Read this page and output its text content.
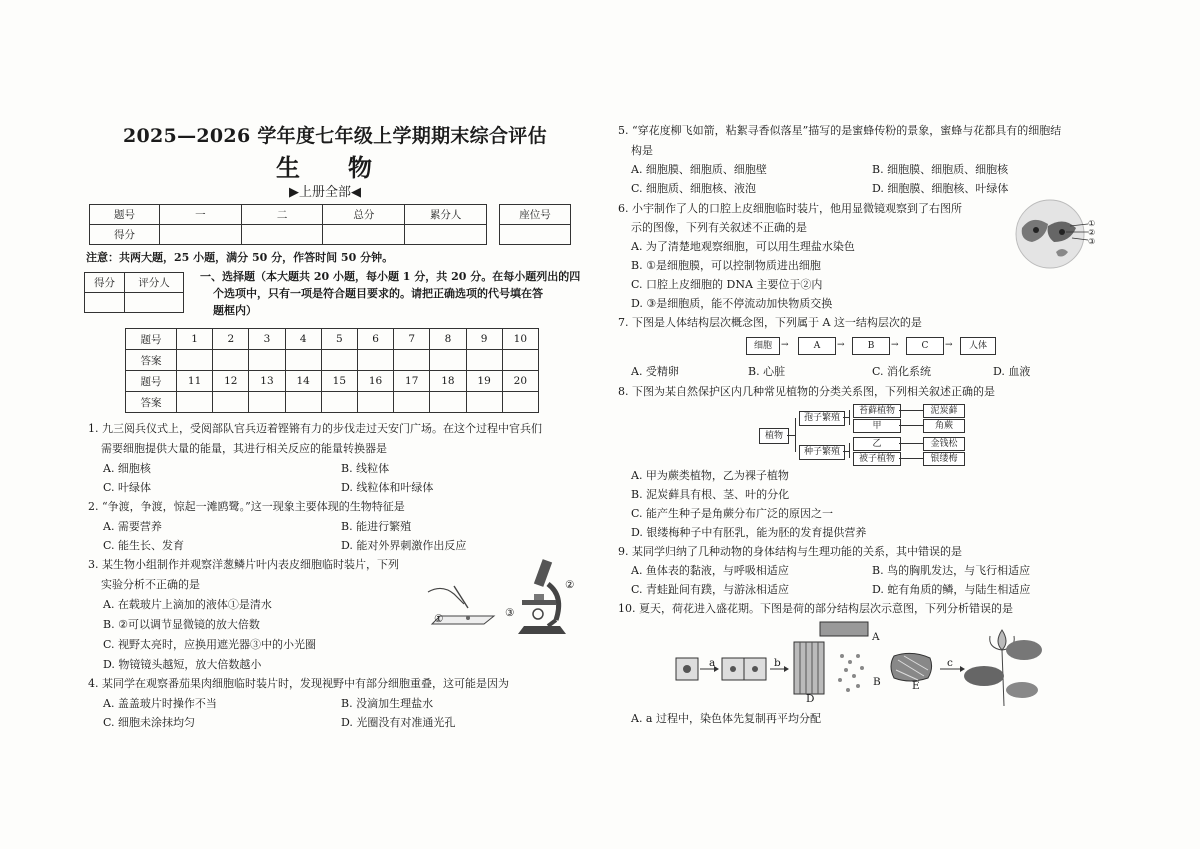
2025—2026 学年度七年级上学期期末综合评估
生　　物
▶上册全部◀
题号	一	二	总分	累分人
得分				
座位号

注意：共两大题，25 小题，满分 50 分，作答时间 50 分钟。
得分	评分人
		一、选择题（本大题共 20 小题，每小题 1 分，共 20 分。在每小题列出的四
个选项中，只有一项是符合题目要求的。请把正确选项的代号填在答
题框内）
题号	1	2	3	4	5	6	7	8	9	10
答案										
题号	11	12	13	14	15	16	17	18	19	20
答案										
1. 九三阅兵仪式上，受阅部队官兵迈着铿锵有力的步伐走过天安门广场。在这个过程中官兵们
需要细胞提供大量的能量，其进行相关反应的能量转换器是
A. 细胞核	B. 线粒体
C. 叶绿体	D. 线粒体和叶绿体
2. “争渡，争渡，惊起一滩鸥鹭。”这一现象主要体现的生物特征是
A. 需要营养	B. 能进行繁殖
C. 能生长、发育	D. 能对外界刺激作出反应
3. 某生物小组制作并观察洋葱鳞片叶内表皮细胞临时装片，下列
实验分析不正确的是
A. 在载玻片上滴加的液体①是清水
B. ②可以调节显微镜的放大倍数
C. 视野太亮时，应换用遮光器③中的小光圈
D. 物镜镜头越短，放大倍数越小
①
②
③
4. 某同学在观察番茄果肉细胞临时装片时，发现视野中有部分细胞重叠，这可能是因为
A. 盖盖玻片时操作不当	B. 没滴加生理盐水
C. 细胞未涂抹均匀	D. 光圈没有对准通光孔
5. “穿花度柳飞如箭，粘絮寻香似落星”描写的是蜜蜂传粉的景象，蜜蜂与花都具有的细胞结
构是
A. 细胞膜、细胞质、细胞壁	B. 细胞膜、细胞质、细胞核
C. 细胞质、细胞核、液泡	D. 细胞膜、细胞核、叶绿体
6. 小宇制作了人的口腔上皮细胞临时装片，他用显微镜观察到了右图所
示的图像，下列有关叙述不正确的是
A. 为了清楚地观察细胞，可以用生理盐水染色
B. ①是细胞膜，可以控制物质进出细胞
C. 口腔上皮细胞的 DNA 主要位于②内
D. ③是细胞质，能不停流动加快物质交换
①
②
③
7. 下图是人体结构层次概念图，下列属于 A 这一结构层次的是
细胞	→	A	→	B	→	C	→	人体
A. 受精卵	B. 心脏	C. 消化系统	D. 血液
8. 下图为某自然保护区内几种常见植物的分类关系图，下列相关叙述正确的是
植物
孢子繁殖
种子繁殖
苔藓植物
甲
乙
被子植物
泥炭藓
角蕨
金钱松
银缕梅
A. 甲为蕨类植物，乙为裸子植物
B. 泥炭藓具有根、茎、叶的分化
C. 能产生种子是角蕨分布广泛的原因之一
D. 银缕梅种子中有胚乳，能为胚的发育提供营养
9. 某同学归纳了几种动物的身体结构与生理功能的关系，其中错误的是
A. 鱼体表的黏液，与呼吸相适应	B. 鸟的胸肌发达，与飞行相适应
C. 青蛙趾间有蹼，与游泳相适应	D. 蛇有角质的鳞，与陆生相适应
10. 夏天，荷花进入盛花期。下图是荷的部分结构层次示意图，下列分析错误的是
a	b
A
B
D
E
c
A. a 过程中，染色体先复制再平均分配
